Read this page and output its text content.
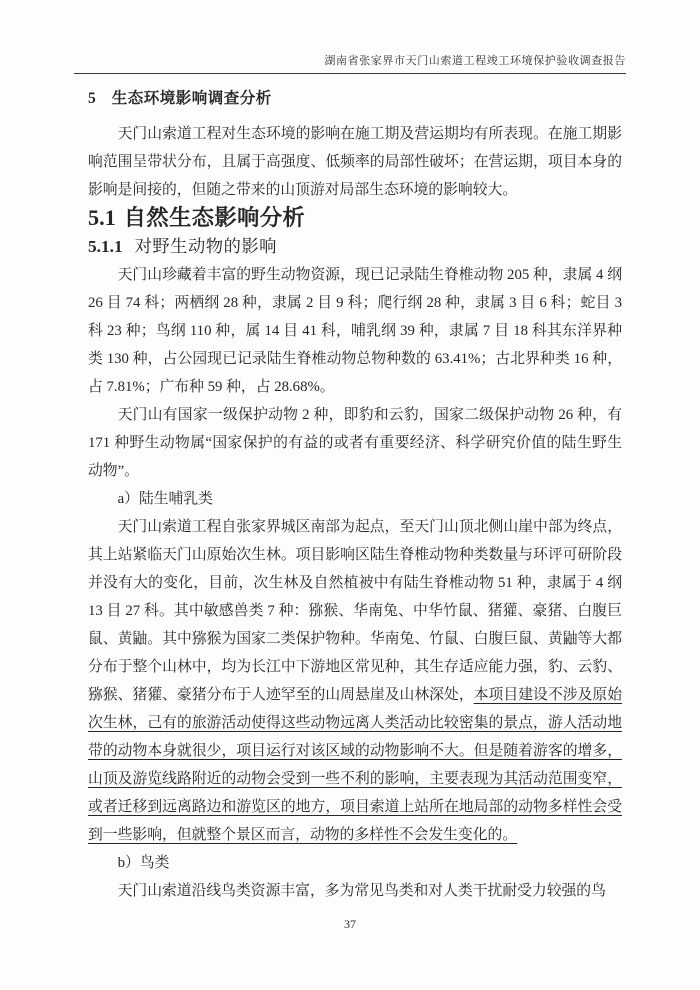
湖南省张家界市天门山索道工程竣工环境保护验收调查报告
5 生态环境影响调查分析

天门山索道工程对生态环境的影响在施工期及营运期均有所表现。在施工期影响范围呈带状分布，且属于高强度、低频率的局部性破坏；在营运期，项目本身的影响是间接的，但随之带来的山顶游对局部生态环境的影响较大。

5.1 自然生态影响分析
5.1.1 对野生动物的影响

天门山珍藏着丰富的野生动物资源，现已记录陆生脊椎动物 205 种，隶属 4 纲 26 目 74 科；两栖纲 28 种，隶属 2 目 9 科；爬行纲 28 种，隶属 3 目 6 科；蛇目 3 科 23 种；鸟纲 110 种，属 14 目 41 科，哺乳纲 39 种，隶属 7 目 18 科其东洋界种类 130 种，占公园现已记录陆生脊椎动物总物种数的 63.41%；古北界种类 16 种，占 7.81%；广布种 59 种，占 28.68%。

天门山有国家一级保护动物 2 种，即豹和云豹，国家二级保护动物 26 种，有 171 种野生动物属“国家保护的有益的或者有重要经济、科学研究价值的陆生野生动物”。

a）陆生哺乳类

天门山索道工程自张家界城区南部为起点，至天门山顶北侧山崖中部为终点，其上站紧临天门山原始次生林。项目影响区陆生脊椎动物种类数量与环评可研阶段并没有大的变化，目前，次生林及自然植被中有陆生脊椎动物 51 种，隶属于 4 纲 13 目 27 科。其中敏感兽类 7 种：猕猴、华南兔、中华竹鼠、猪獾、豪猪、白腹巨鼠、黄鼬。其中猕猴为国家二类保护物种。华南兔、竹鼠、白腹巨鼠、黄鼬等大都分布于整个山林中，均为长江中下游地区常见种，其生存适应能力强，豹、云豹、猕猴、猪獾、豪猪分布于人迹罕至的山周悬崖及山林深处，本项目建设不涉及原始次生林，己有的旅游活动使得这些动物远离人类活动比较密集的景点，游人活动地带的动物本身就很少，项目运行对该区域的动物影响不大。但是随着游客的增多，山顶及游览线路附近的动物会受到一些不利的影响，主要表现为其活动范围变窄，或者迁移到远离路边和游览区的地方，项目索道上站所在地局部的动物多样性会受到一些影响，但就整个景区而言，动物的多样性不会发生变化的。

b）鸟类

天门山索道沿线鸟类资源丰富，多为常见鸟类和对人类干扰耐受力较强的鸟

37
